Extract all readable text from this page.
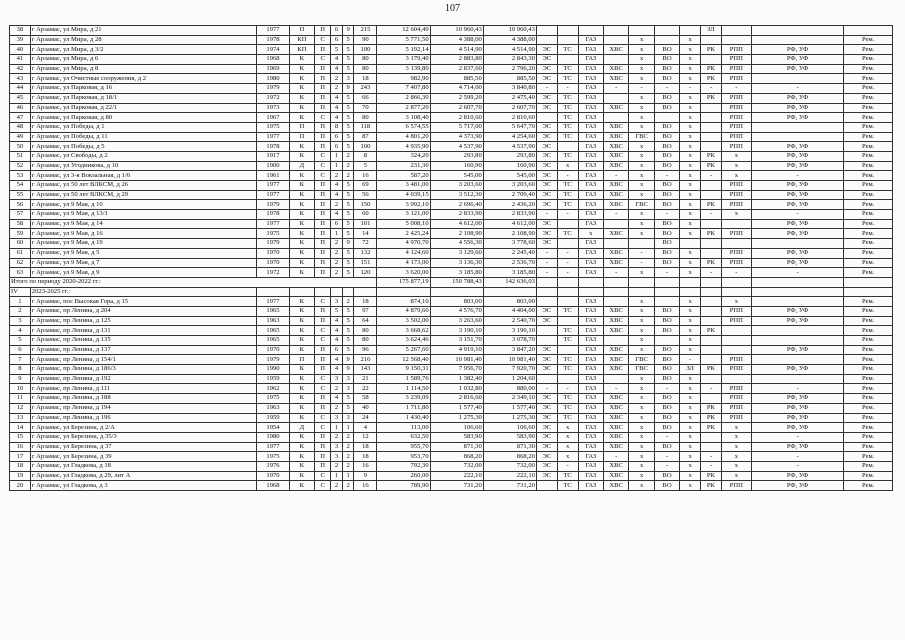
107
38	г Арзамас, ул Мира, д 21	1977	П	П	6	9	215	12 604,49	10 960,43	10 960,43								ЗЛ			
39	г Арзамас, ул Мира, д 28	1978	КП	С	6	5	90	5 771,50	4 388,00	4 388,00			ГАЗ		х		х				Рем.
40	г Арзамас, ул Мира, д 3/2	1974	КП	П	5	5	100	5 192,14	4 514,90	4 514,90	ЭС	ТС	ГАЗ	ХВС	х	ВО	х	РК	РПП	РФ, УФ	Рем.
41	г Арзамас, ул Мира, д 6	1968	К	С	4	5	80	3 179,40	2 883,80	2 843,30	ЭС		ГАЗ		х	ВО	х		РПП	РФ, УФ	Рем.
42	г Арзамас, ул Мира, д 8	1969	К	П	4	5	80	3 139,80	2 837,60	2 796,20	ЭС	ТС	ГАЗ	ХВС	х	ВО	х	РК	РПП	РФ, УФ	Рем.
43	г Арзамас, ул Очистные сооружения, д 2	1980	К	П	2	3	18	982,90	885,50	885,50	ЭС	ТС	ГАЗ	ХВС	х	ВО	х	РК	РПП		Рем.
44	г Арзамас, ул Парковая, д 16	1979	К	П	2	9	243	7 407,80	4 714,00	3 840,80	-	-	ГАЗ	-	-	-	-	-	-	-	Рем.
45	г Арзамас, ул Парковая, д 18/1	1972	К	П	4	5	66	2 866,30	2 599,20	2 475,40	ЭС	ТС	ГАЗ		х	ВО	х	РК	РПП	РФ, УФ	Рем.
46	г Арзамас, ул Парковая, д 22/1	1973	К	П	4	5	70	2 877,20	2 607,70	2 607,70	ЭС	ТС	ГАЗ	ХВС	х	ВО	х		РПП	РФ, УФ	Рем.
47	г Арзамас, ул Парковая, д 80	1967	К	С	4	5	80	3 108,40	2 810,60	2 810,60		ТС	ГАЗ		х		х		РПП	РФ, УФ	Рем.
48	г Арзамас, ул Победы, д 1	1975	П	П	8	5	118	6 574,55	5 717,00	5 647,70	ЭС	ТС	ГАЗ	ХВС	х	ВО	х		РПП		Рем.
49	г Арзамас, ул Победы, д 11	1977	П	П	6	5	87	4 801,20	4 373,90	4 254,60	ЭС	ТС	ГАЗ	ХВС	ГВС	ВО	х		РПП		Рем.
50	г Арзамас, ул Победы, д 5	1978	К	П	6	5	100	4 935,90	4 537,90	4 537,90	ЭС		ГАЗ	ХВС	х	ВО	х		РПП	РФ, УФ	Рем.
51	г Арзамас, ул Свободы, д 2	1917	К	С	1	2	8	324,20	293,80	293,80	ЭС	ТС	ГАЗ	ХВС	х	ВО	х	РК	х	РФ, УФ	Рем.
52	г Арзамас, ул Угодникова, д 10	1900	Д	С	1	2	5	231,30	160,90	160,90	ЭС	х	ГАЗ	ХВС	х	ВО	х	РК	х	РФ, УФ	Рем.
53	г Арзамас, ул 3-я Вокзальная, д 1/6	1961	К	С	2	2	16	587,20	545,00	545,00	ЭС	-	ГАЗ	-	х	-	х	-	х	-	Рем.
54	г Арзамас, ул 50 лет ВЛКСМ, д 26	1977	К	П	4	5	69	3 481,00	3 203,60	3 203,60	ЭС	ТС	ГАЗ	ХВС	х	ВО	х		РПП	РФ, УФ	Рем.
55	г Арзамас, ул 50 лет ВЛКСМ, д 29	1977	К	П	4	5	56	4 039,15	3 512,30	2 709,40	ЭС	ТС	ГАЗ	ХВС	х	ВО	х		РПП	РФ, УФ	Рем.
56	г Арзамас, ул 9 Мая, д 10	1979	К	П	2	5	150	3 992,10	2 696,40	2 436,20	ЭС	ТС	ГАЗ	ХВС	ГВС	ВО	х	РК	РПП	РФ, УФ	Рем.
57	г Арзамас, ул 9 Мая, д 13/1	1978	К	П	4	5	60	3 121,00	2 833,90	2 833,90	-	-	ГАЗ	-	х	-	х	-	х	-	Рем.
58	г Арзамас, ул 9 Мая, д 14	1977	К	П	6	5	101	5 008,10	4 612,00	4 612,00	ЭС		ГАЗ		х	ВО	х			РФ, УФ	Рем.
59	г Арзамас, ул 9 Мая, д 16	1975	К	П	1	5	14	2 425,24	2 108,90	2 108,90	ЭС	ТС	х	ХВС	х	ВО	х	РК	РПП	РФ, УФ	Рем.
60	г Арзамас, ул 9 Мая, д 19	1979	К	П	2	9	72	4 970,70	4 556,30	3 778,60	ЭС		ГАЗ			ВО					Рем.
61	г Арзамас, ул 9 Мая, д 5	1970	К	П	2	5	132	4 124,60	3 129,60	2 245,40	-	-	ГАЗ	ХВС	-	ВО	х		РПП	РФ, УФ	Рем.
62	г Арзамас, ул 9 Мая, д 7	1970	К	П	2	5	151	4 173,00	3 136,30	2 536,70	-	-	ГАЗ	ХВС	-	ВО	х	РК	РПП	РФ, УФ	Рем.
63	г Арзамас, ул 9 Мая, д 9	1972	К	П	2	5	120	3 620,00	3 185,80	3 185,80	-	-	ГАЗ	-	х	-	х	-	-	-	Рем.
Итого по периоду 2020-2022 гг.:								175 877,19	150 788,43	142 636,03											
IV	2023-2025 гг.:																				
1	г Арзамас, пос Высокая Гора, д 15	1977	К	С	3	2	18	874,10	803,00	803,00			ГАЗ		х		х		х		Рем.
2	г Арзамас, пр Ленина, д 204	1965	К	П	5	5	97	4 879,60	4 576,70	4 404,00	ЭС	ТС	ГАЗ	ХВС	х	ВО	х		РПП	РФ, УФ	Рем.
3	г Арзамас, пр Ленина, д 125	1963	К	П	4	5	64	3 502,00	3 263,60	2 540,70	ЭС		ГАЗ	ХВС	х	ВО	х		РПП	РФ, УФ	Рем.
4	г Арзамас, пр Ленина, д 131	1965	К	С	4	5	80	3 668,62	3 190,10	3 190,10		ТС	ГАЗ	ХВС	х	ВО	х	РК			Рем.
5	г Арзамас, пр Ленина, д 135	1965	К	С	4	5	80	3 624,46	3 151,70	3 078,70		ТС	ГАЗ		х		х				Рем.
6	г Арзамас, пр Ленина, д 137	1970	К	П	6	5	96	5 267,60	4 919,10	3 847,20	ЭС		ГАЗ	ХВС	х	ВО	х			РФ, УФ	Рем.
7	г Арзамас, пр Ленина, д 154/1	1979	П	П	4	9	216	12 568,40	10 981,40	10 981,40	ЭС	ТС	ГАЗ	ХВС	ГВС	ВО	-		РПП		Рем.
8	г Арзамас, пр Ленина, д 186/3	1990	К	П	4	9	143	9 150,31	7 956,70	7 920,70	ЭС	ТС	ГАЗ	ХВС	ГВС	ВО	ЗЛ	РК	РПП	РФ, УФ	Рем.
9	г Арзамас, пр Ленина, д 192	1959	К	С	3	3	21	1 589,76	1 382,40	1 204,60			ГАЗ		х	ВО	х				Рем.
10	г Арзамас, пр Ленина, д 111	1962	К	С	2	3	22	1 114,50	1 032,80	880,00	-	-	ГАЗ	-	х	-	х	-	РПП	-	Рем.
11	г Арзамас, пр Ленина, д 188	1975	К	П	4	5	58	3 239,09	2 816,60	2 349,10	ЭС	ТС	ГАЗ	ХВС	х	ВО	х		РПП	РФ, УФ	Рем.
12	г Арзамас, пр Ленина, д 194	1963	К	П	2	5	40	1 711,80	1 577,40	1 577,40	ЭС	ТС	ГАЗ	ХВС	х	ВО	х	РК	РПП	РФ, УФ	Рем.
13	г Арзамас, пр Ленина, д 196	1959	К	С	3	3	24	1 430,40	1 275,30	1 275,30	ЭС	ТС	ГАЗ	ХВС	х	ВО	х	РК	РПП	РФ, УФ	Рем.
14	г Арзамас, ул Березина, д 2/А	1954	Д	С	1	1	4	113,00	106,60	106,60	ЭС	х	ГАЗ	ХВС	х	ВО	х	РК	х	РФ, УФ	Рем.
15	г Арзамас, ул Березина, д 35/3	1980	К	П	2	2	12	632,50	583,90	583,90	ЭС	х	ГАЗ	ХВС	х	-	х		х	-	Рем.
16	г Арзамас, ул Березина, д 37	1977	К	П	3	2	18	955,70	871,30	871,30	ЭС	х	ГАЗ	ХВС	х	ВО	х		х	РФ, УФ	Рем.
17	г Арзамас, ул Березина, д 39	1975	К	П	3	2	18	953,70	868,20	868,20	ЭС	х	ГАЗ	-	х	-	х	-	х	-	Рем.
18	г Арзамас, ул Гладкова, д 18	1976	К	П	2	2	16	792,30	732,00	732,00	ЭС	-	ГАЗ	ХВС	х	-	х	-	х	-	Рем.
19	г Арзамас, ул Гладкова, д 29, лит А	1970	К	С	1	1	9	260,00	222,10	222,10	ЭС	ТС	ГАЗ	ХВС	х	ВО	х	РК	х	РФ, УФ	Рем.
20	г Арзамас, ул Гладкова, д 3	1968	К	С	2	2	16	789,90	731,20	731,20		ТС	ГАЗ	ХВС	х	ВО	х	РК	РПП	РФ, УФ	Рем.
